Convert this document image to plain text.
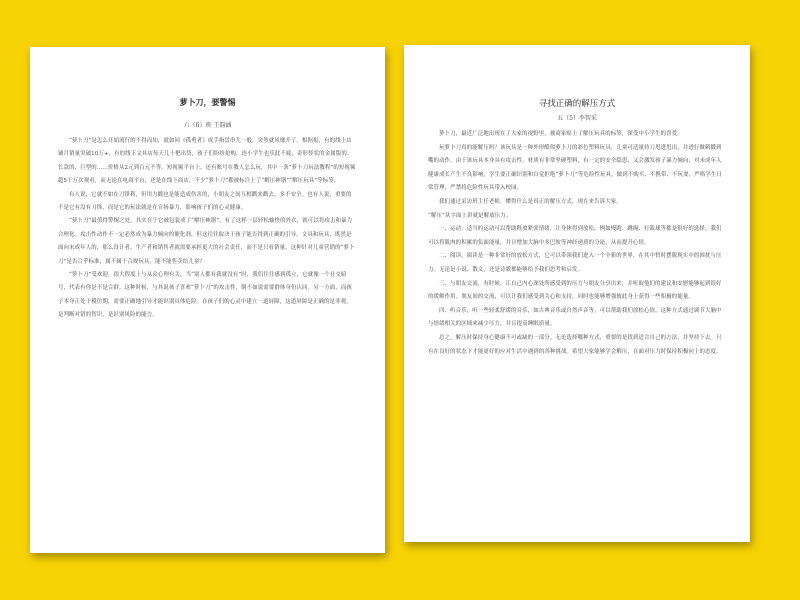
萝卜刀，要警惕
六（6）班 王韵涵

“萝卜刀”是怎么开始流行的不得而知，就如同《孤勇者》成手指盘串儿一般，突然就风靡开了。根据报，有的线上店铺月销量突破10万+，有的线下文具店每天几十把出货，孩子们纷纷抢购，连小学生也乐此不疲，奇形怪状的金属版的、长款的、巨型的……价格从2元到百元不等。短视频平台上，还有账号在教人怎么玩，其中一条“萝卜刀玩法教程”的短视频超5千万次观看，而无论在电商平台，还是在线下商店，不少“萝卜刀”都被标注上了“解压神器”“解压玩具”等标签。

有人说，它就不如在刀锋利，但用力戳也是能造成伤害的，小朋友之间互相戳来戳去，多不安全。也有人说，重要的不是它有没有刀锋，而是它的玩法就是在宣扬暴力，影响孩子们的心灵健康。

“萝卜刀”最值得警惕之处，其实在于它被包装成了“解压神器”。有了这样一层轻松愉快的外衣，就可以将攻击和暴力合理化。攻击性动作不一定必然成为暴力倾向的催化剂，但这往往取决于孩子能否得到正确的引导。文具和玩具，既然是面向未成年人的，那么设计者、生产者和销售者就需要承担更大的社会责任，而不是只看销量。这种针对儿童营销的“萝卜刀”是否合乎标准，属不属于合规玩具，能不能售卖给儿童？

“萝卜刀”受欢迎，很大程度上与从众心理有关，当“别人都有我就没有”时，我们往往感到孤立，它就像一个社交暗号，代表有你是不是合群。这种时候，与其说孩子喜欢“萝卜刀”的攻击性，倒不如说需要群体身份认同。另一方面，而孩子本身正处于模仿期，需要正确地引导才能识别具体危险。在孩子们的心灵中建立一道屏障，这道屏障是正确的是非观，是判断对错的智识，是识别风险的能力。

寻找正确的解压方式
五（5）李智采

萝卜刀，最近广泛地出现在了大家的视野里，被商家贴上了解压玩具的标签，深受中小学生的喜爱。

玩萝卜刀真的能解压吗？该玩具是一种外形酷似萝卜刀的彩色塑料玩具，儿童可适量持刀甩进甩出，并进行做刺戳到嘴的动作。由于该玩具本身具有攻击性，材质有非常坚硬塑料，有一定的安全隐患，又会激发孩子暴力倾向，对未成年人健康成长产生不良影响。学生要正确识别和自觉拒绝“萝卜刀”等危险性玩具，做到不购买、不携带、不玩耍，严格学生日常管理，严禁将危险性玩具带入校园。

我们通过采访班主任老师，懂得什么是真正的解压方式，现在来告诉大家。

“解压”从字面上讲就是解放压力。

一、运动，适当的运动可以帮助释放紧张情绪，让身体得到放松。例如慢跑、跳绳、打篮球等都是很好的选择，我们可以将肌肉的积累的负面能量，并且增加大脑中多巴胺等神经递质的分泌，从而提升心情。

二、阅读，阅读是一种非常好的放松方式，它可以带领我们进入一个全新的世界，在其中暂时摆脱现实中的困扰与压力。无论是小说、散文，还是诗歌都能够给予我们思考和启发。

三、与朋友交流，有时候，江自己内心深处所感受到的压力与朋友分享出来，并听取他们的建议和安慰能够起到很好的缓解作用。朋友间的交流，可以让我们感受到关心和支持，同时也能够增强彼此身上获得一些积极的能量。

四、听音乐，听一些轻柔舒缓的音乐，如古典音乐或自然声音等，可以帮助我们放松心情。这种方式通过调节大脑中与情绪相关的区域来减少压力，并且提高睡眠质量。

总之，解压时保持身心健康不可或缺的一部分。无论选择哪种方式，重要的是找到适合自己的方法，并坚持下去。只有在良好的状态下才能更好的应对生活中遇到的各种挑战。希望大家能够学会解压，在面对压力时保持积极向上的态度。
